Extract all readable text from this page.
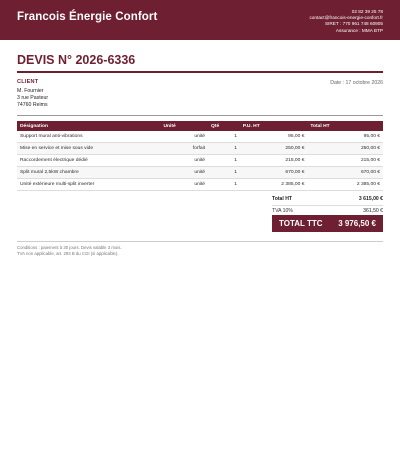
Francois Énergie Confort	02 82 39 25 78
contact@francois-energie-confort.fr
SIRET : 770 961 748 60905
Assurance : MMA BTP
DEVIS N° 2026-6336
CLIENT
M. Fournier
3 rue Pasteur
74760 Reims
Date : 17 octobre 2026
Désignation	Unité	Qté	P.U. HT	Total HT
Support mural anti-vibrations	unité	1	95,00 €	95,00 €
Mise en service et mise sous vide	forfait	1	250,00 €	250,00 €
Raccordement électrique dédié	unité	1	215,00 €	215,00 €
Split mural 2,5kW chambre	unité	1	670,00 €	670,00 €
Unité extérieure multi-split inverter	unité	1	2 385,00 €	2 385,00 €
Total HT	3 615,00 €
TVA 10%	361,50 €
TOTAL TTC 3 976,50 €
Conditions : paiement à 30 jours. Devis valable 3 mois.
TVA non applicable, art. 293 B du CGI (si applicable).
